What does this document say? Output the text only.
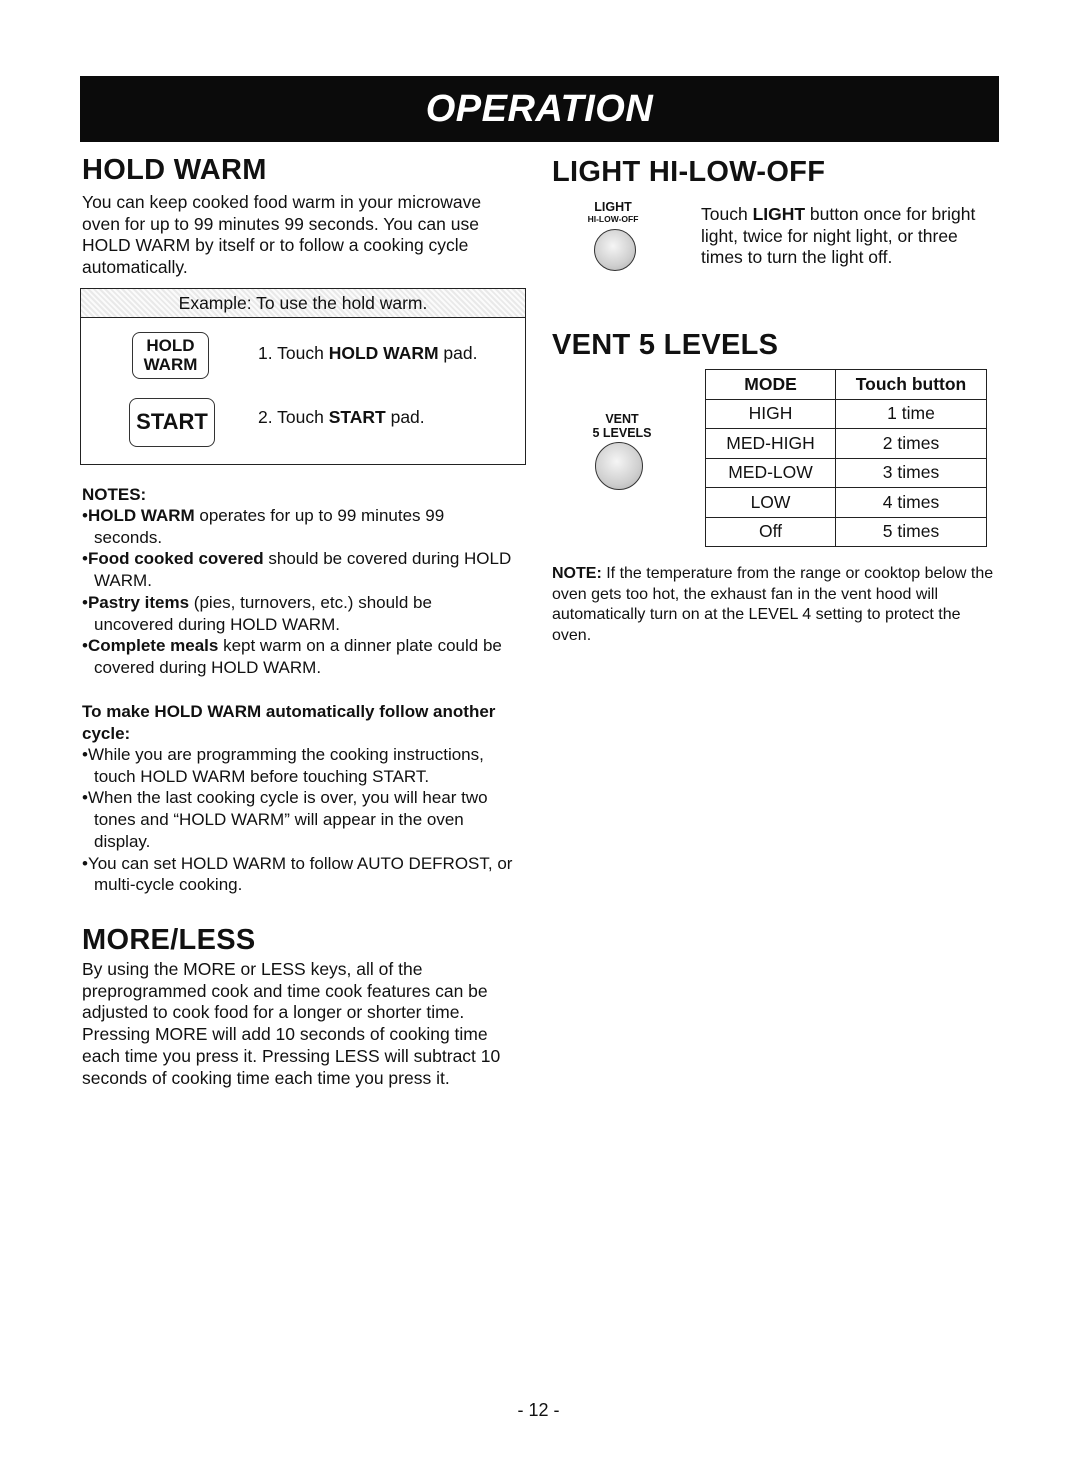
OPERATION
HOLD WARM

You can keep cooked food warm in your microwave oven for up to 99 minutes 99 seconds. You can use HOLD WARM by itself or to follow a cooking cycle automatically.

Example: To use the hold warm.
HOLD
WARM
1. Touch HOLD WARM pad.
START	2. Touch START pad.
NOTES:
• HOLD WARM operates for up to 99 minutes 99 seconds.
• Food cooked covered should be covered during HOLD WARM.
• Pastry items (pies, turnovers, etc.) should be uncovered during HOLD WARM.
• Complete meals kept warm on a dinner plate could be covered during HOLD WARM.
To make HOLD WARM automatically follow another cycle:
• While you are programming the cooking instructions, touch HOLD WARM before touching START.
• When the last cooking cycle is over, you will hear two tones and “HOLD WARM” will appear in the oven display.
• You can set HOLD WARM to follow AUTO DEFROST, or multi-cycle cooking.
MORE/LESS

By using the MORE or LESS keys, all of the preprogrammed cook and time cook features can be adjusted to cook food for a longer or shorter time. Pressing MORE will add 10 seconds of cooking time each time you press it. Pressing LESS will subtract 10 seconds of cooking time each time you press it.

LIGHT HI-LOW-OFF
LIGHT
HI-LOW-OFF	Touch LIGHT button once for bright light, twice for night light, or three times to turn the light off.

VENT 5 LEVELS
VENT
5 LEVELS
MODE	Touch button
HIGH	1 time
MED-HIGH	2 times
MED-LOW	3 times
LOW	4 times
Off	5 times

NOTE: If the temperature from the range or cooktop below the oven gets too hot, the exhaust fan in the vent hood will automatically turn on at the LEVEL 4 setting to protect the oven.

- 12 -
